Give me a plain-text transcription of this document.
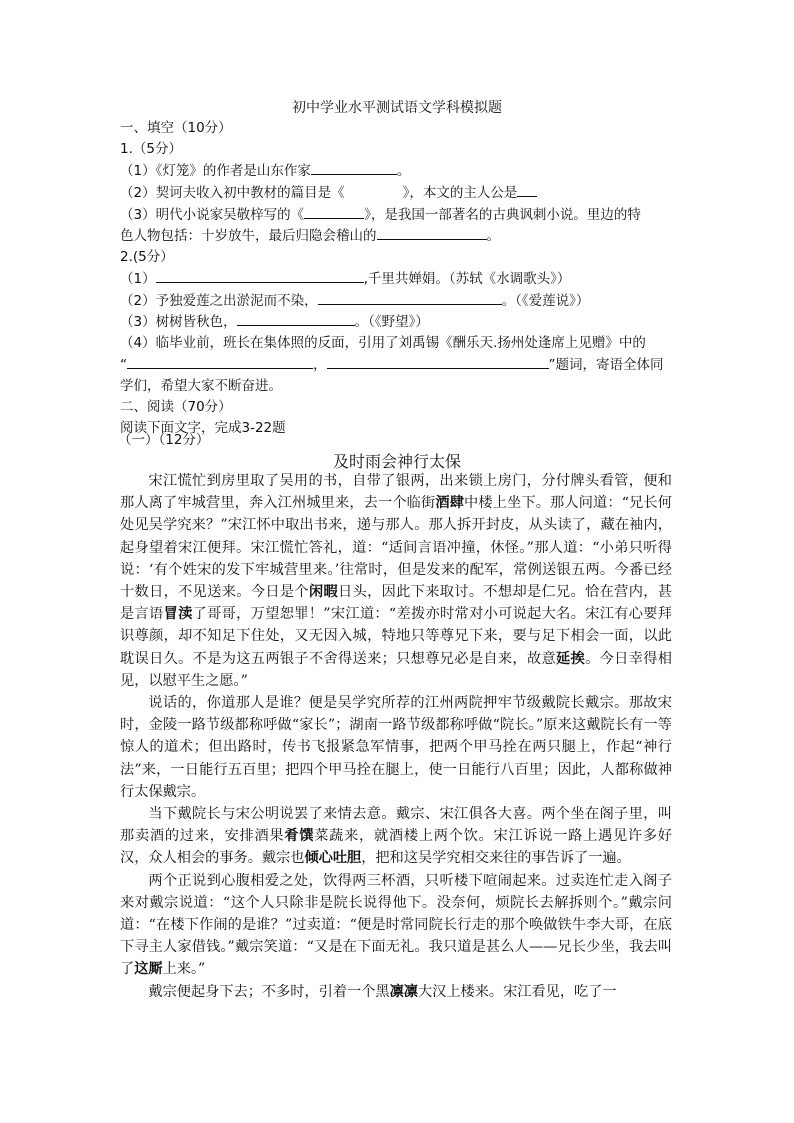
初中学业水平测试语文学科模拟题
一、填空（10分）
1.（5分）
（1）《灯笼》的作者是山东作家	。
（2）契诃夫收入初中教材的篇目是《	》，本文的主人公是
（3）明代小说家吴敬梓写的《	》，是我国一部著名的古典讽刺小说。里边的特
色人物包括：十岁放牛，最后归隐会稽山的	。
2.(5分）
（1）	,千里共婵娟。（苏轼《水调歌头》）
（2）予独爱莲之出淤泥而不染，	。（《爱莲说》）
（3）树树皆秋色，	。（《野望》）
（4）临毕业前，班长在集体照的反面，引用了刘禹锡《酬乐天.扬州处逢席上见赠》中的
“	，	”题词，寄语全体同
学们，希望大家不断奋进。
二、阅读（70分）
阅读下面文字，完成3-22题
（一）（12分）
及时雨会神行太保

宋江慌忙到房里取了吴用的书，自带了银两，出来锁上房门，分付牌头看管，便和那人离了牢城营里，奔入江州城里来，去一个临街酒肆中楼上坐下。那人问道：“兄长何处见吴学究来？”宋江怀中取出书来，递与那人。那人拆开封皮，从头读了，藏在袖内，起身望着宋江便拜。宋江慌忙答礼，道：“适间言语冲撞，休怪。”那人道：“小弟只听得说：‘有个姓宋的发下牢城营里来。’往常时，但是发来的配军，常例送银五两。今番已经十数日，不见送来。今日是个闲暇日头，因此下来取讨。不想却是仁兄。恰在营内，甚是言语冒渎了哥哥，万望恕罪！”宋江道：“差拨亦时常对小可说起大名。宋江有心要拜识尊颜，却不知足下住处，又无因入城，特地只等尊兄下来，要与足下相会一面，以此耽误日久。不是为这五两银子不舍得送来；只想尊兄必是自来，故意延挨。今日幸得相见，以慰平生之愿。”

说话的，你道那人是谁？便是吴学究所荐的江州两院押牢节级戴院长戴宗。那故宋时，金陵一路节级都称呼做“家长”；湖南一路节级都称呼做“院长。”原来这戴院长有一等惊人的道术；但出路时，传书飞报紧急军情事，把两个甲马拴在两只腿上，作起“神行法”来，一日能行五百里；把四个甲马拴在腿上，使一日能行八百里；因此，人都称做神行太保戴宗。

当下戴院长与宋公明说罢了来情去意。戴宗、宋江俱各大喜。两个坐在阁子里，叫那卖酒的过来，安排酒果肴馔菜蔬来，就酒楼上两个饮。宋江诉说一路上遇见许多好汉，众人相会的事务。戴宗也倾心吐胆，把和这吴学究相交来往的事告诉了一遍。

两个正说到心腹相爱之处，饮得两三杯酒，只听楼下喧闹起来。过卖连忙走入阁子来对戴宗说道：“这个人只除非是院长说得他下。没奈何，烦院长去解拆则个。”戴宗问道：“在楼下作闹的是谁？”过卖道：“便是时常同院长行走的那个唤做铁牛李大哥，在底下寻主人家借钱。”戴宗笑道：“又是在下面无礼。我只道是甚么人——兄长少坐，我去叫了这厮上来。”

戴宗便起身下去；不多时，引着一个黑凛凛大汉上楼来。宋江看见，吃了一
